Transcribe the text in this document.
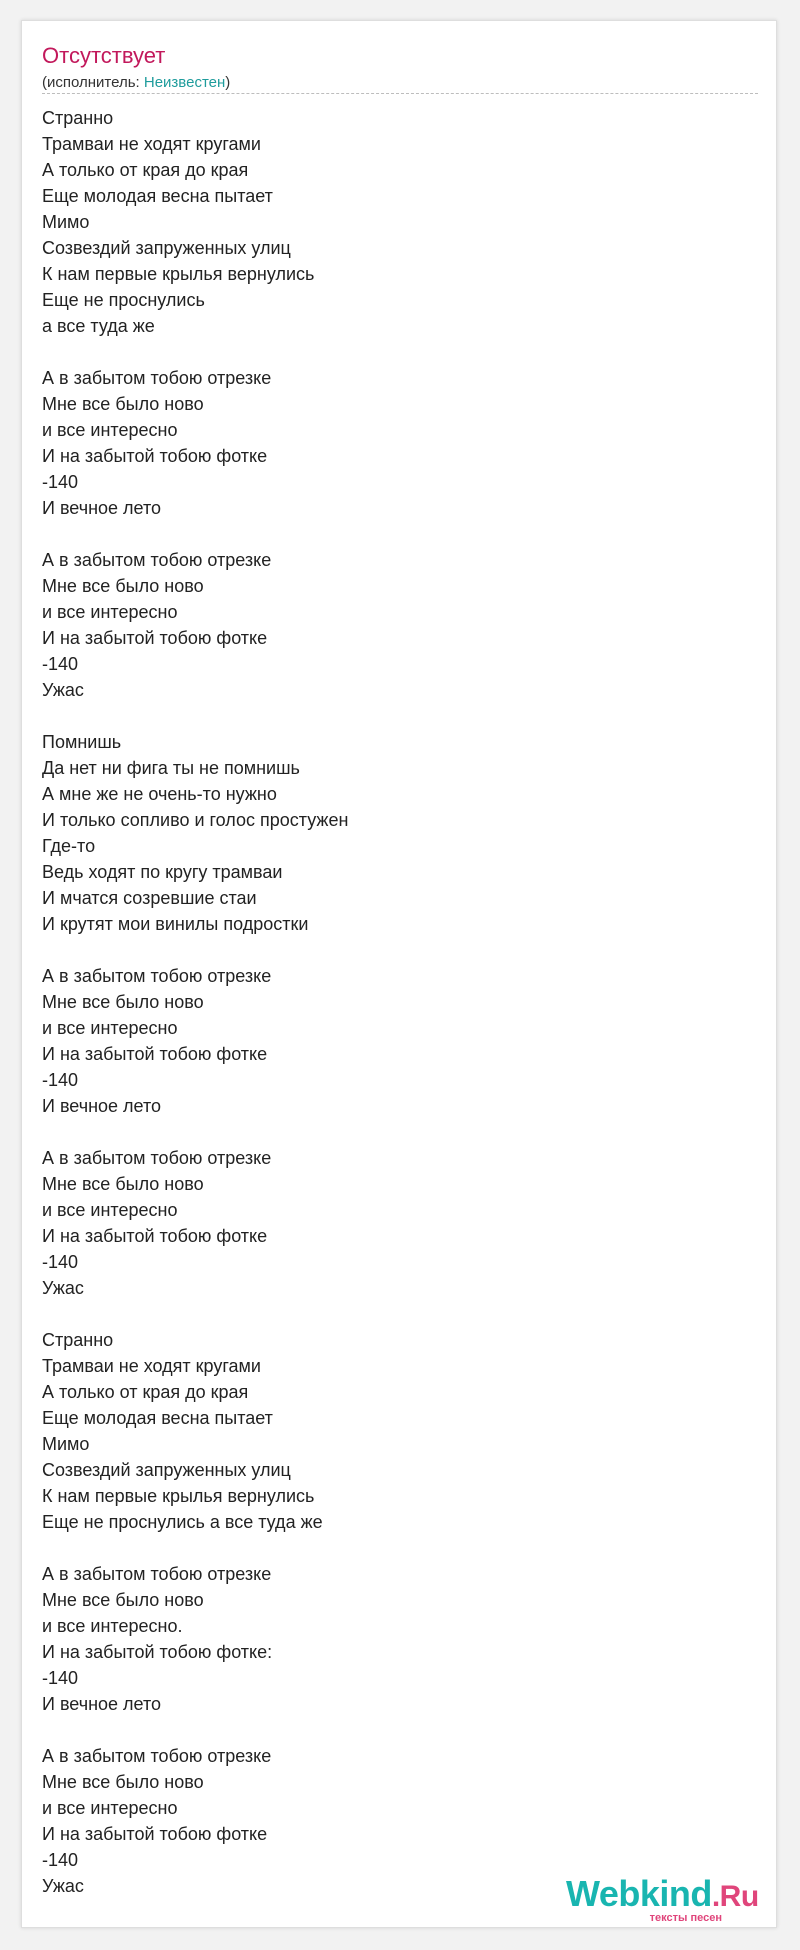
Отсутствует
(исполнитель: Неизвестен)
Странно
Трамваи не ходят кругами
А только от края до края
Еще молодая весна пытает
Мимо
Созвездий запруженных улиц
К нам первые крылья вернулись
Еще не проснулись
а все туда же
А в забытом тобою отрезке
Мне все было ново
и все интересно
И на забытой тобою фотке
-140
И вечное лето
А в забытом тобою отрезке
Мне все было ново
и все интересно
И на забытой тобою фотке
-140
Ужас
Помнишь
Да нет ни фига ты не помнишь
А мне же не очень-то нужно
И только сопливо и голос простужен
Где-то
Ведь ходят по кругу трамваи
И мчатся созревшие стаи
И крутят мои винилы подростки
А в забытом тобою отрезке
Мне все было ново
и все интересно
И на забытой тобою фотке
-140
И вечное лето
А в забытом тобою отрезке
Мне все было ново
и все интересно
И на забытой тобою фотке
-140
Ужас
Странно
Трамваи не ходят кругами
А только от края до края
Еще молодая весна пытает
Мимо
Созвездий запруженных улиц
К нам первые крылья вернулись
Еще не проснулись а все туда же
А в забытом тобою отрезке
Мне все было ново
и все интересно.
И на забытой тобою фотке:
-140
И вечное лето
А в забытом тобою отрезке
Мне все было ново
и все интересно
И на забытой тобою фотке
-140
Ужас	Webkind.Ru
тексты песен
